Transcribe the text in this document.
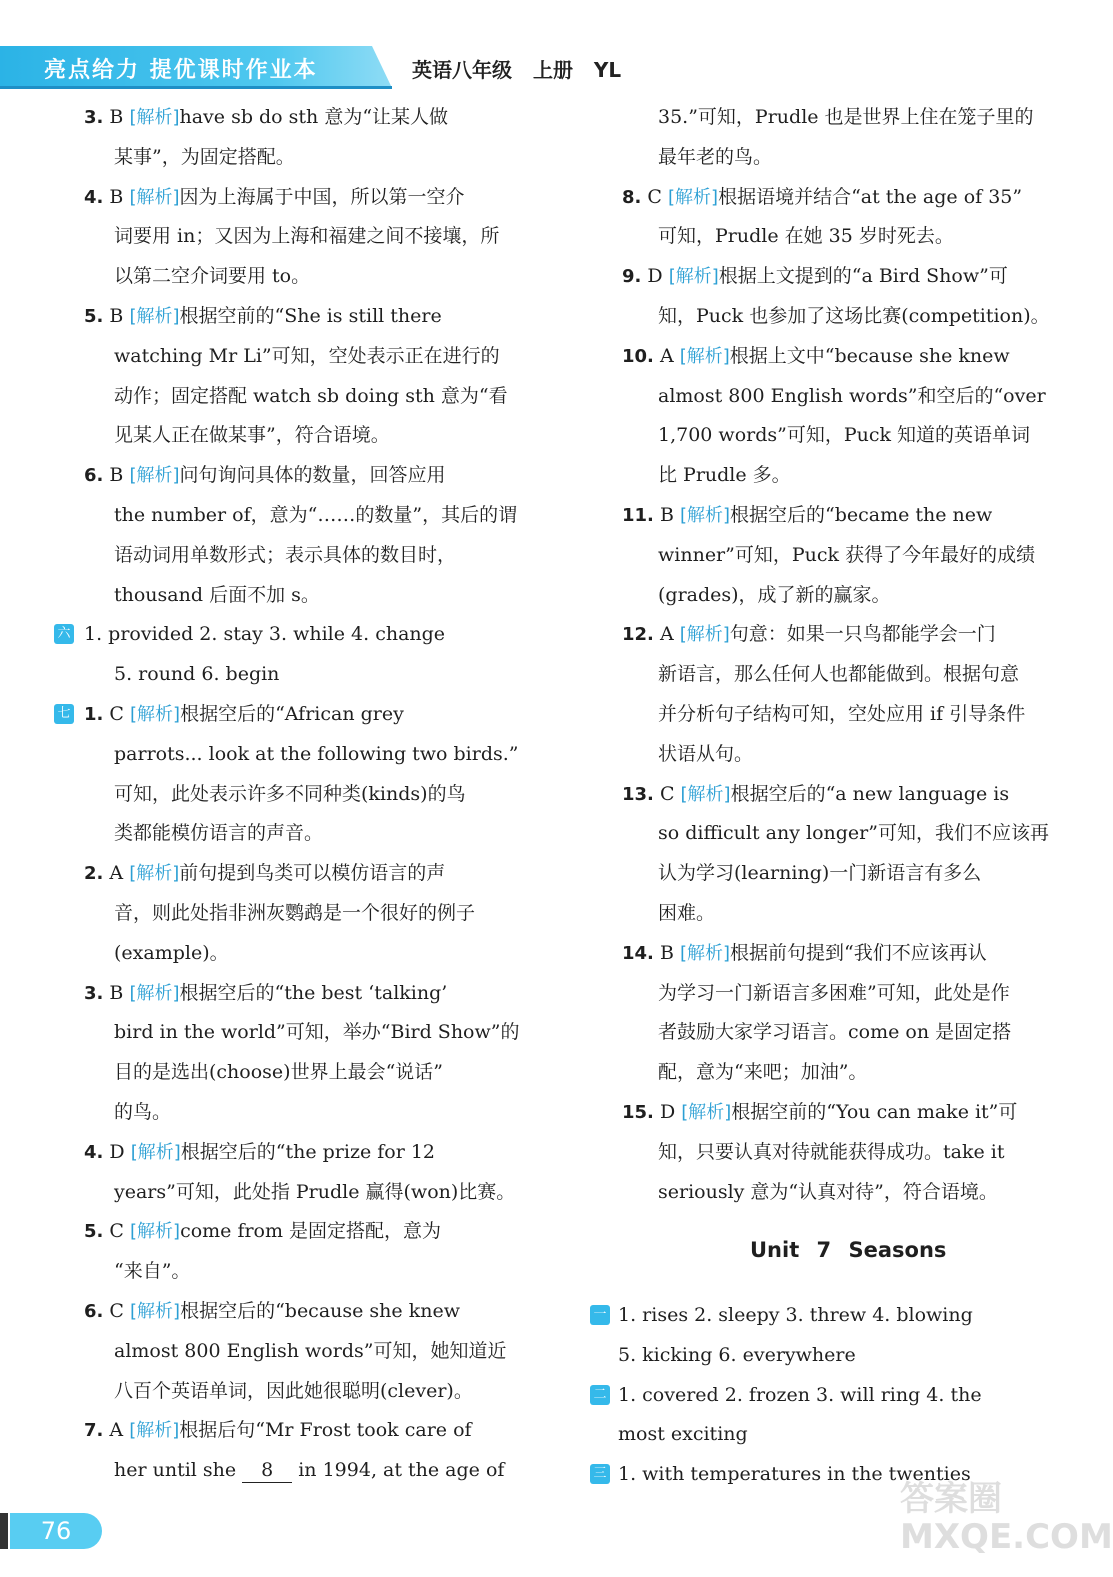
亮点给力 提优课时作业本	英语八年级 上册 YL
3. B [解析]have sb do sth 意为“让某人做
某事”，为固定搭配。
4. B [解析]因为上海属于中国，所以第一空介
词要用 in；又因为上海和福建之间不接壤，所
以第二空介词要用 to。
5. B [解析]根据空前的“She is still there
watching Mr Li”可知，空处表示正在进行的
动作；固定搭配 watch sb doing sth 意为“看
见某人正在做某事”，符合语境。
6. B [解析]问句询问具体的数量，回答应用
the number of，意为“……的数量”，其后的谓
语动词用单数形式；表示具体的数目时，
thousand 后面不加 s。
六 1. provided 2. stay 3. while 4. change
5. round 6. begin
七 1. C [解析]根据空后的“African grey
parrots... look at the following two birds.”
可知，此处表示许多不同种类(kinds)的鸟
类都能模仿语言的声音。
2. A [解析]前句提到鸟类可以模仿语言的声
音，则此处指非洲灰鹦鹉是一个很好的例子
(example)。
3. B [解析]根据空后的“the best ‘talking’
bird in the world”可知，举办“Bird Show”的
目的是选出(choose)世界上最会“说话”
的鸟。
4. D [解析]根据空后的“the prize for 12
years”可知，此处指 Prudle 赢得(won)比赛。
5. C [解析]come from 是固定搭配，意为
“来自”。
6. C [解析]根据空后的“because she knew
almost 800 English words”可知，她知道近
八百个英语单词，因此她很聪明(clever)。
7. A [解析]根据后句“Mr Frost took care of
her until she 8 in 1994, at the age of
35.”可知，Prudle 也是世界上住在笼子里的
最年老的鸟。
8. C [解析]根据语境并结合“at the age of 35”
可知，Prudle 在她 35 岁时死去。
9. D [解析]根据上文提到的“a Bird Show”可
知，Puck 也参加了这场比赛(competition)。
10. A [解析]根据上文中“because she knew
almost 800 English words”和空后的“over
1,700 words”可知，Puck 知道的英语单词
比 Prudle 多。
11. B [解析]根据空后的“became the new
winner”可知，Puck 获得了今年最好的成绩
(grades)，成了新的赢家。
12. A [解析]句意：如果一只鸟都能学会一门
新语言，那么任何人也都能做到。根据句意
并分析句子结构可知，空处应用 if 引导条件
状语从句。
13. C [解析]根据空后的“a new language is
so difficult any longer”可知，我们不应该再
认为学习(learning)一门新语言有多么
困难。
14. B [解析]根据前句提到“我们不应该再认
为学习一门新语言多困难”可知，此处是作
者鼓励大家学习语言。come on 是固定搭
配，意为“来吧；加油”。
15. D [解析]根据空前的“You can make it”可
知，只要认真对待就能获得成功。take it
seriously 意为“认真对待”，符合语境。
Unit 7 Seasons
一 1. rises 2. sleepy 3. threw 4. blowing
5. kicking 6. everywhere
二 1. covered 2. frozen 3. will ring 4. the
most exciting
三 1. with temperatures in the twenties
76
答案圈 MXQE.COM
